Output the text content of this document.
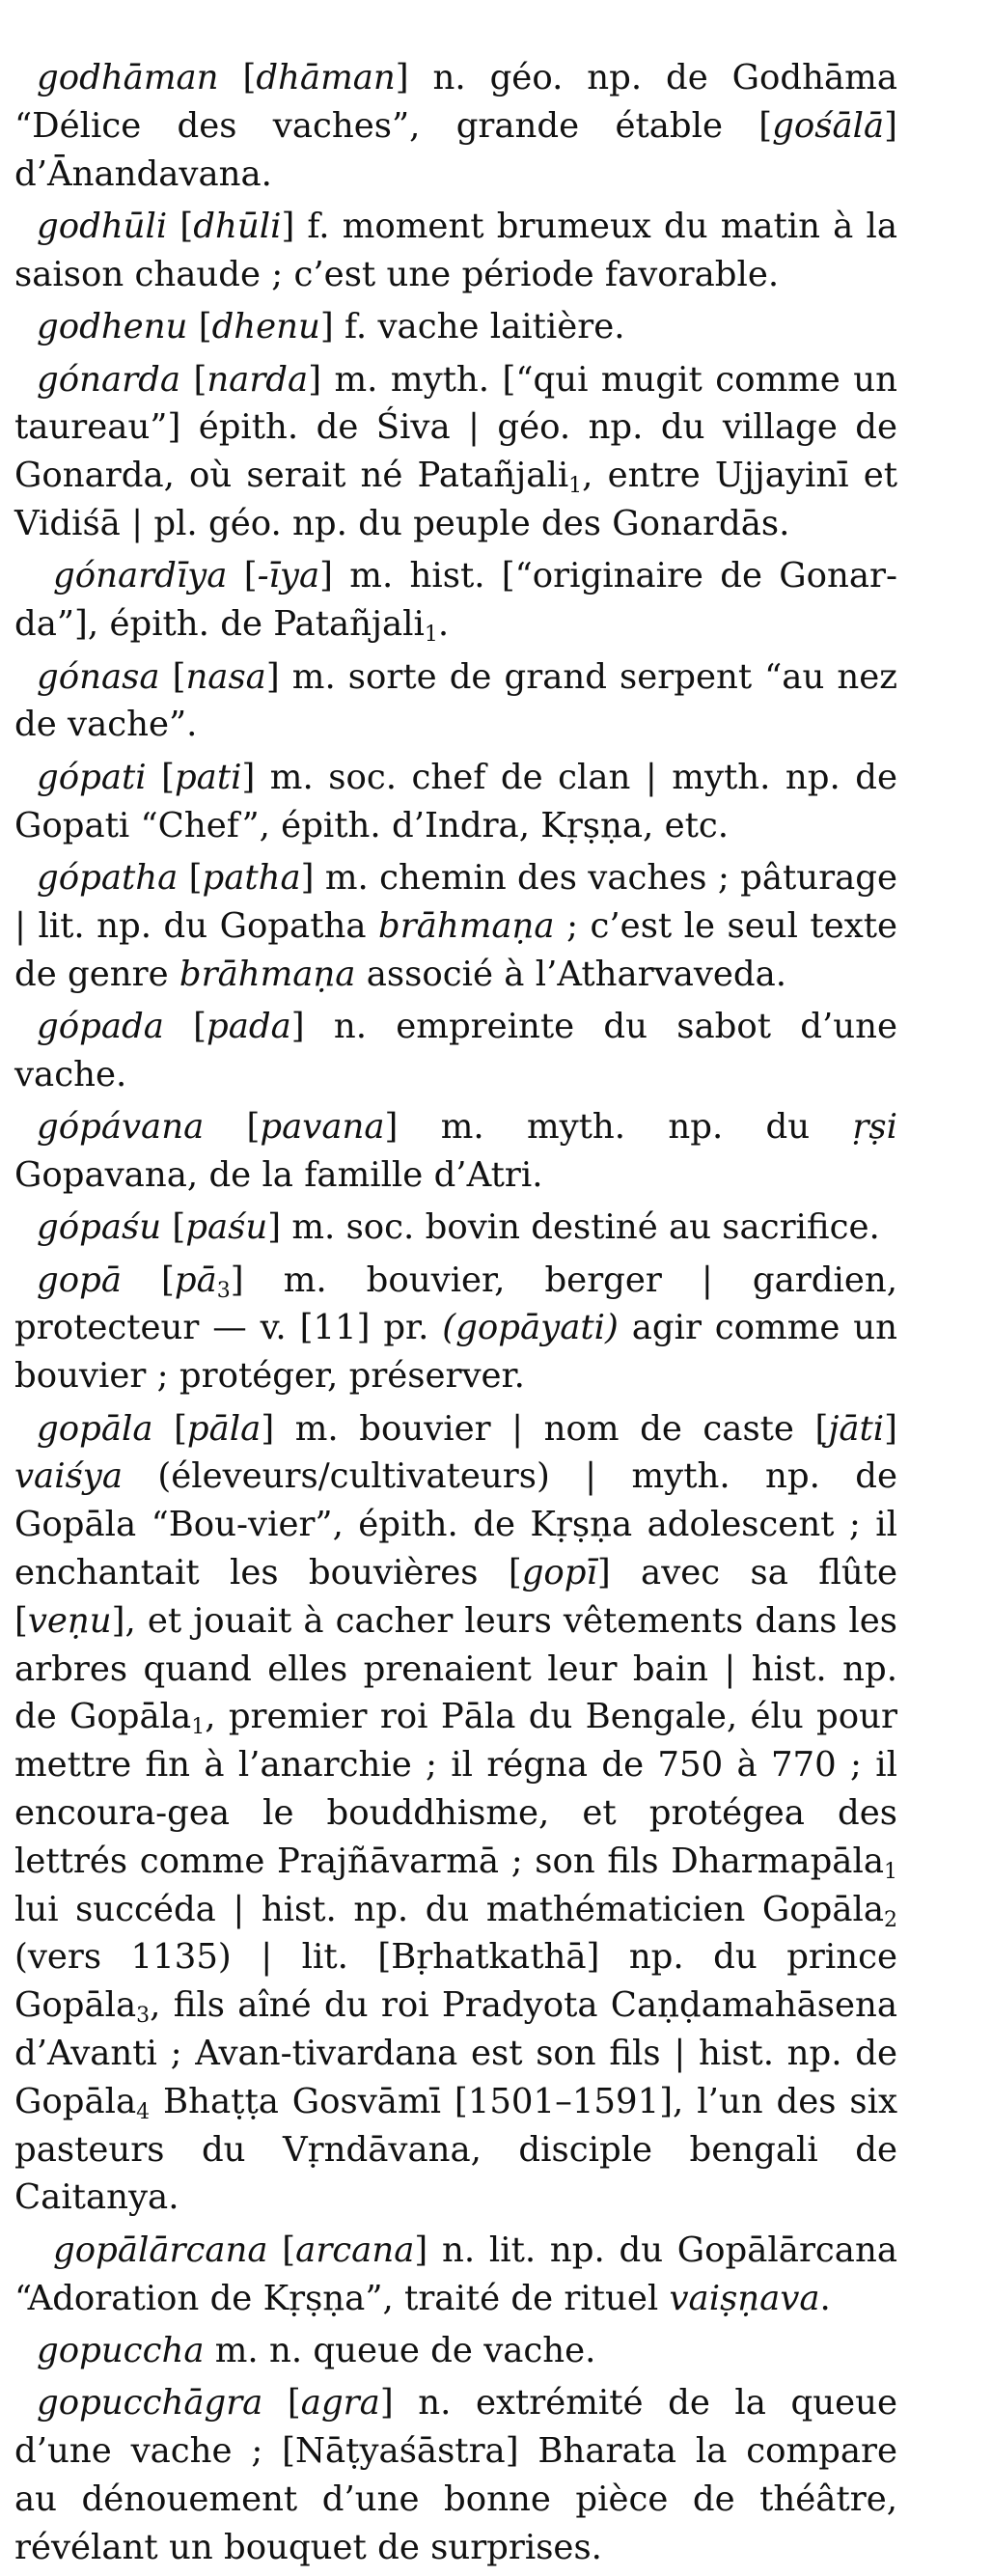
godhāman [dhāman] n. géo. np. de Godhāma “Délice des vaches”, grande étable [gośālā] d’Ānandavana.

godhūli [dhūli] f. moment brumeux du matin à la saison chaude ; c’est une période favorable.

godhenu [dhenu] f. vache laitière.

gónarda [narda] m. myth. [“qui mugit comme un taureau”] épith. de Śiva | géo. np. du village de Gonarda, où serait né Patañjali$_1$, entre Ujjayinī et Vidiśā | pl. géo. np. du peuple des Gonardās.

gónardīya [-īya] m. hist. [“originaire de Gonar-da”], épith. de Patañjali$_1$.

gónasa [nasa] m. sorte de grand serpent “au nez de vache”.

gópati [pati] m. soc. chef de clan | myth. np. de Gopati “Chef”, épith. d’Indra, Kṛṣṇa, etc.

gópatha [patha] m. chemin des vaches ; pâturage | lit. np. du Gopatha brāhmaṇa ; c’est le seul texte de genre brāhmaṇa associé à l’Atharvaveda.

gópada [pada] n. empreinte du sabot d’une vache.

gópávana [pavana] m. myth. np. du ṛṣi Gopavana, de la famille d’Atri.

gópaśu [paśu] m. soc. bovin destiné au sacrifice.

gopā $[pā_3]$ m. bouvier, berger | gardien, protecteur — v. [11] pr. (gopāyati) agir comme un bouvier ; protéger, préserver.

gopāla [pāla] m. bouvier | nom de caste [jāti] vaiśya (éleveurs/cultivateurs) | myth. np. de Gopāla “Bou-vier”, épith. de Kṛṣṇa adolescent ; il enchantait les bouvières [gopī] avec sa flûte [veṇu], et jouait à cacher leurs vêtements dans les arbres quand elles prenaient leur bain | hist. np. de Gopāla$_1$, premier roi Pāla du Bengale, élu pour mettre fin à l’anarchie ; il régna de 750 à 770 ; il encoura-gea le bouddhisme, et protégea des lettrés comme Prajñāvarmā ; son fils Dharmapāla$_1$ lui succéda | hist. np. du mathématicien Gopāla$_2$ (vers 1135) | lit. [Bṛhatkathā] np. du prince Gopāla$_3$, fils aîné du roi Pradyota Caṇḍamahāsena d’Avanti ; Avan-tivardana est son fils | hist. np. de Gopāla$_4$ Bhaṭṭa Gosvāmī [1501–1591], l’un des six pasteurs du Vṛndāvana, disciple bengali de Caitanya.

gopālārcana [arcana] n. lit. np. du Gopālārcana “Adoration de Kṛṣṇa”, traité de rituel vaiṣṇava.

gopuccha m. n. queue de vache.

gopucchāgra [agra] n. extrémité de la queue d’une vache ; [Nāṭyaśāstra] Bharata la compare au dénouement d’une bonne pièce de théâtre, révélant un bouquet de surprises.
